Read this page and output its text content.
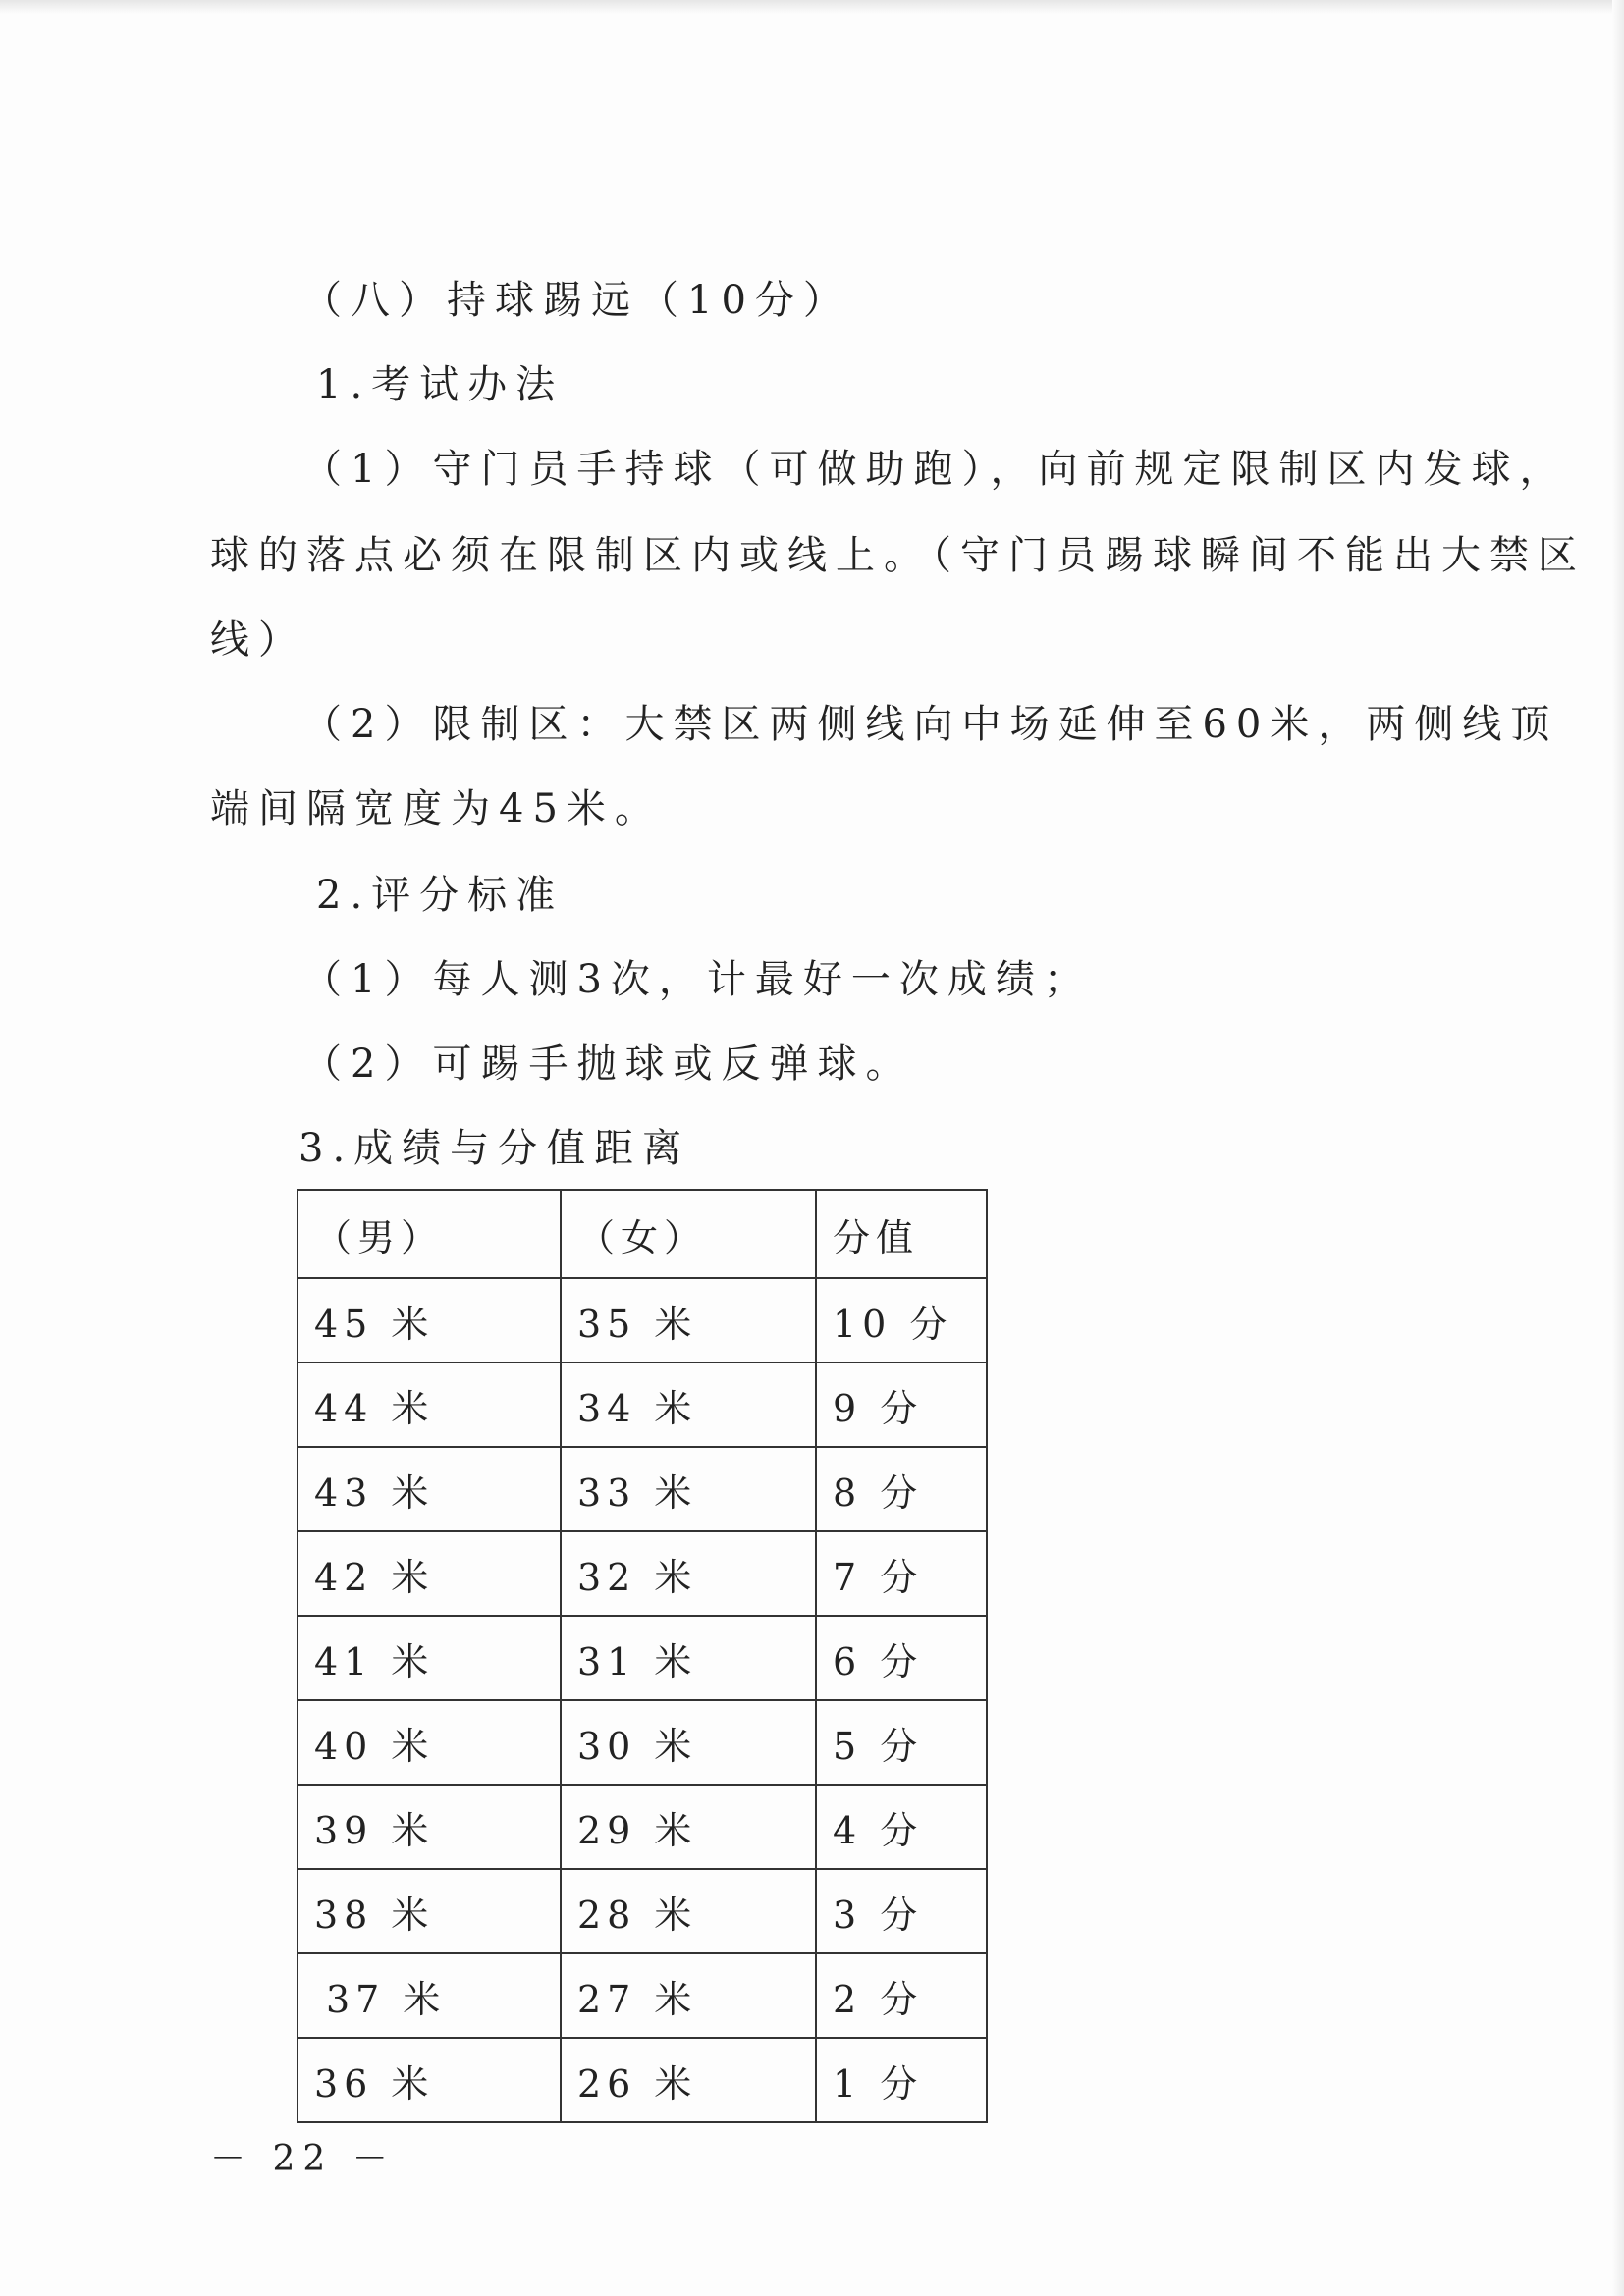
（八）持球踢远（10分）
1.考试办法
（1）守门员手持球（可做助跑），向前规定限制区内发球，
球的落点必须在限制区内或线上。（守门员踢球瞬间不能出大禁区
线）
（2）限制区：大禁区两侧线向中场延伸至60米，两侧线顶
端间隔宽度为45米。
2.评分标准
（1）每人测3次，计最好一次成绩；
（2）可踢手抛球或反弹球。
3.成绩与分值距离
（男）	（女）	分值
45 米	35 米	10 分
44 米	34 米	9 分
43 米	33 米	8 分
42 米	32 米	7 分
41 米	31 米	6 分
40 米	30 米	5 分
39 米	29 米	4 分
38 米	28 米	3 分
37 米	27 米	2 分
36 米	26 米	1 分
－ 22 －
